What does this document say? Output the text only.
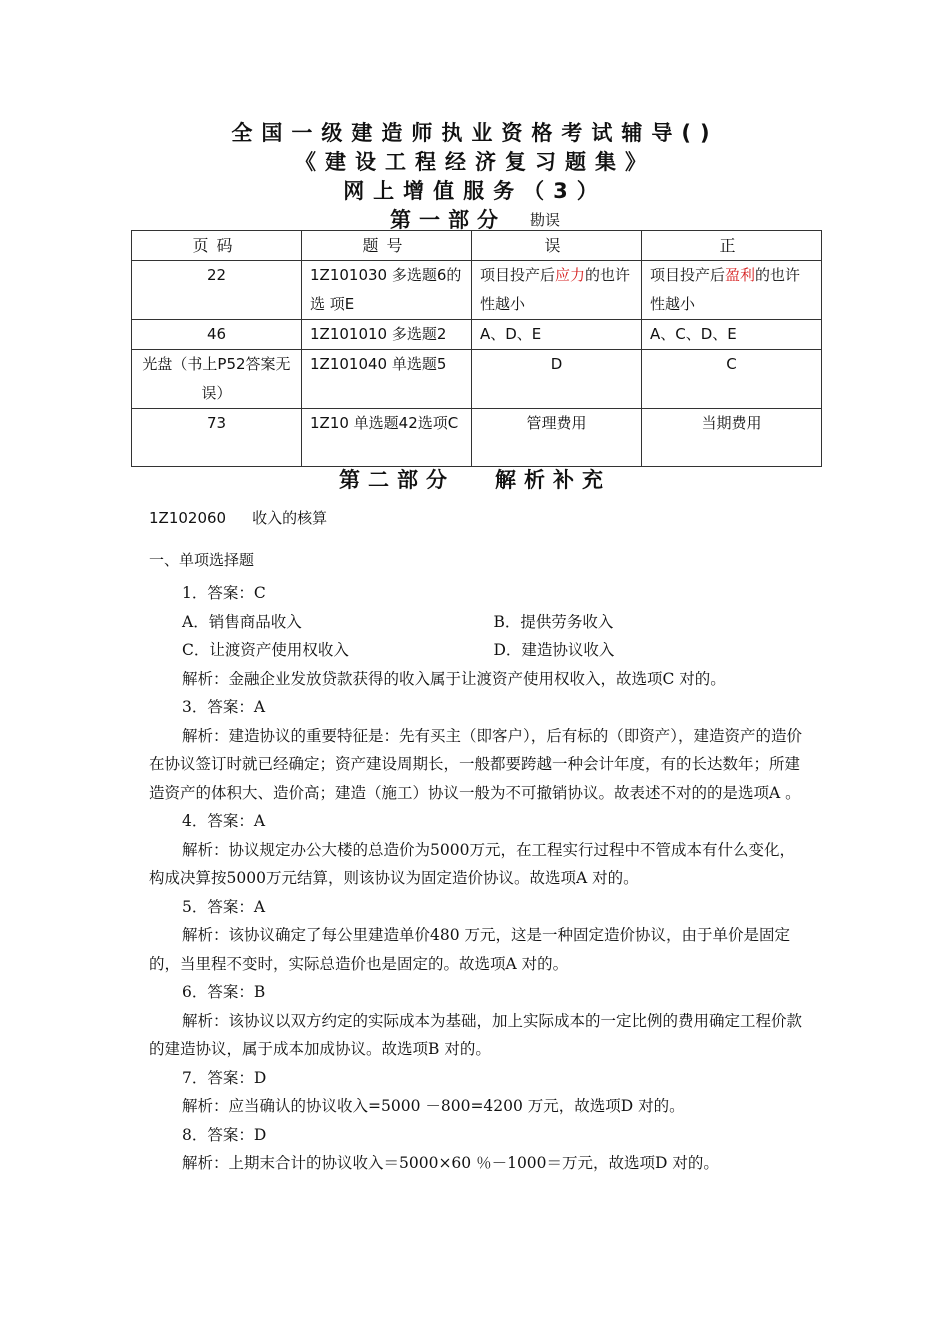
全国一级建造师执业资格考试辅导()
《建设工程经济复习题集》
网上增值服务（3）
第一部分 勘误
页码	题号	误	正
22	1Z101030 多选题6的选 项E	项目投产后应力的也许性越小	项目投产后盈利的也许性越小
46	1Z101010 多选题2	A、D、E	A、C、D、E
光盘（书上P52答案无误）	1Z101040 单选题5	D	C
73	1Z10 单选题42选项C	管理费用	当期费用
第二部分 解析补充
1Z102060 收入的核算
一、单项选择题

1．答案：C

A．销售商品收入	B．提供劳务收入
C．让渡资产使用权收入	D．建造协议收入

解析：金融企业发放贷款获得的收入属于让渡资产使用权收入，故选项C 对的。

3．答案：A

解析：建造协议的重要特征是：先有买主（即客户），后有标的（即资产），建造资产的造价在协议签订时就已经确定；资产建设周期长，一般都要跨越一种会计年度，有的长达数年；所建造资产的体积大、造价高；建造（施工）协议一般为不可撤销协议。故表述不对的的是选项A 。

4．答案：A

解析：协议规定办公大楼的总造价为5000万元，在工程实行过程中不管成本有什么变化，构成决算按5000万元结算，则该协议为固定造价协议。故选项A 对的。

5．答案：A

解析：该协议确定了每公里建造单价480 万元，这是一种固定造价协议，由于单价是固定的，当里程不变时，实际总造价也是固定的。故选项A 对的。

6．答案：B

解析：该协议以双方约定的实际成本为基础，加上实际成本的一定比例的费用确定工程价款的建造协议，属于成本加成协议。故选项B 对的。

7．答案：D

解析：应当确认的协议收入=5000 －800=4200 万元，故选项D 对的。

8．答案：D

解析：上期末合计的协议收入＝5000×60 ％－1000＝万元，故选项D 对的。
